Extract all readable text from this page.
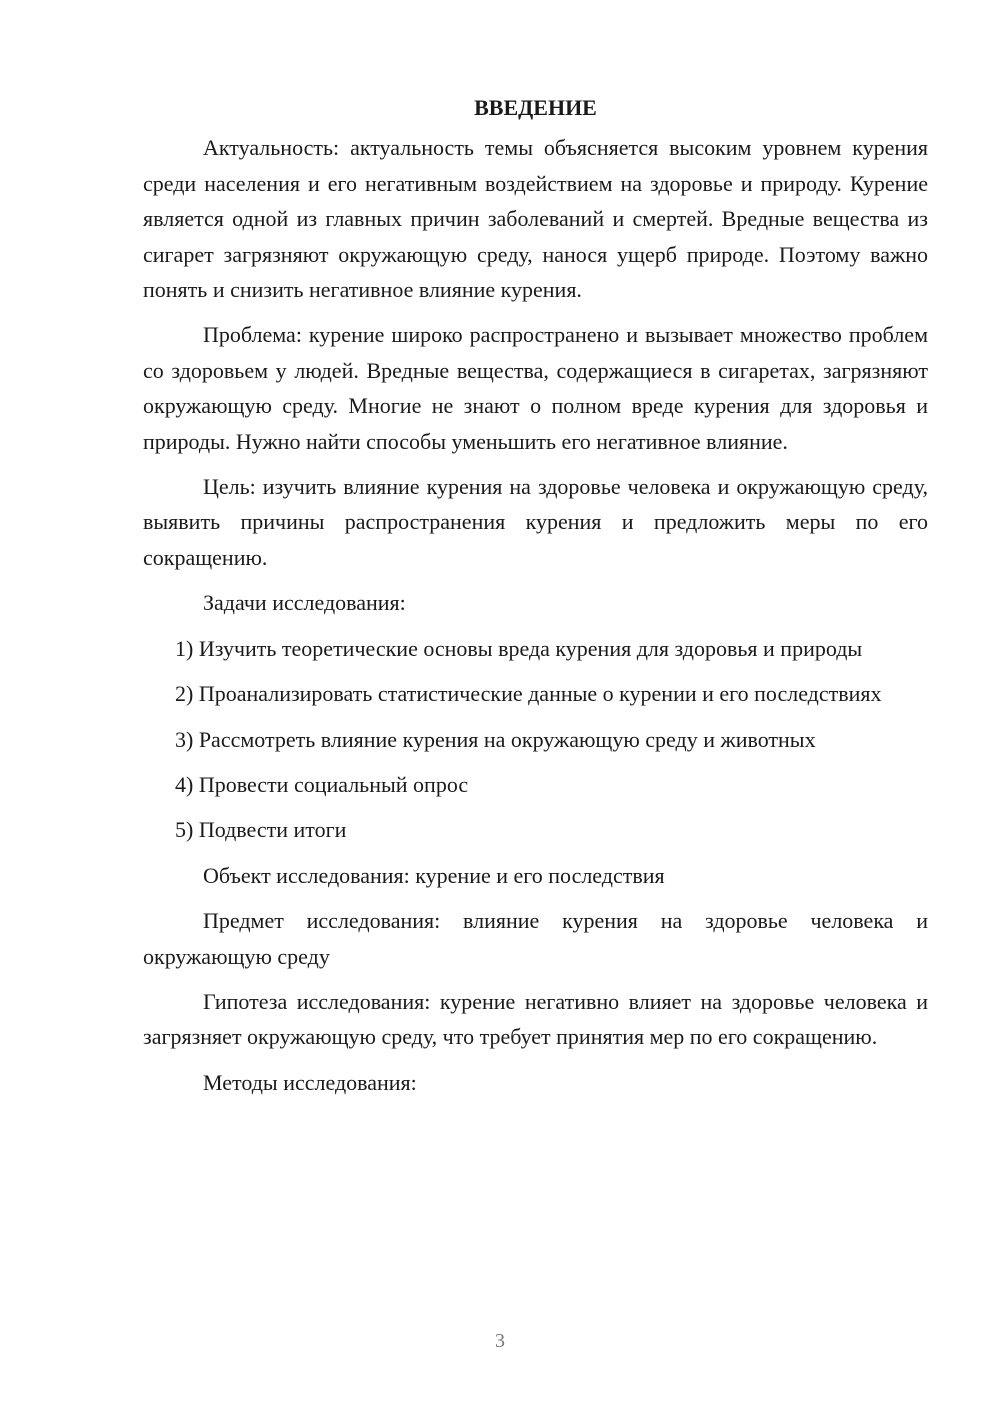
ВВЕДЕНИЕ

Актуальность: актуальность темы объясняется высоким уровнем курения среди населения и его негативным воздействием на здоровье и природу. Курение является одной из главных причин заболеваний и смертей. Вредные вещества из сигарет загрязняют окружающую среду, нанося ущерб природе. Поэтому важно понять и снизить негативное влияние курения.

Проблема: курение широко распространено и вызывает множество проблем со здоровьем у людей. Вредные вещества, содержащиеся в сигаретах, загрязняют окружающую среду. Многие не знают о полном вреде курения для здоровья и природы. Нужно найти способы уменьшить его негативное влияние.

Цель: изучить влияние курения на здоровье человека и окружающую среду, выявить причины распространения курения и предложить меры по его сокращению.

Задачи исследования:

1) Изучить теоретические основы вреда курения для здоровья и природы

2) Проанализировать статистические данные о курении и его последствиях

3) Рассмотреть влияние курения на окружающую среду и животных

4) Провести социальный опрос

5) Подвести итоги

Объект исследования: курение и его последствия

Предмет исследования: влияние курения на здоровье человека и окружающую среду

Гипотеза исследования: курение негативно влияет на здоровье человека и загрязняет окружающую среду, что требует принятия мер по его сокращению.

Методы исследования:

3
